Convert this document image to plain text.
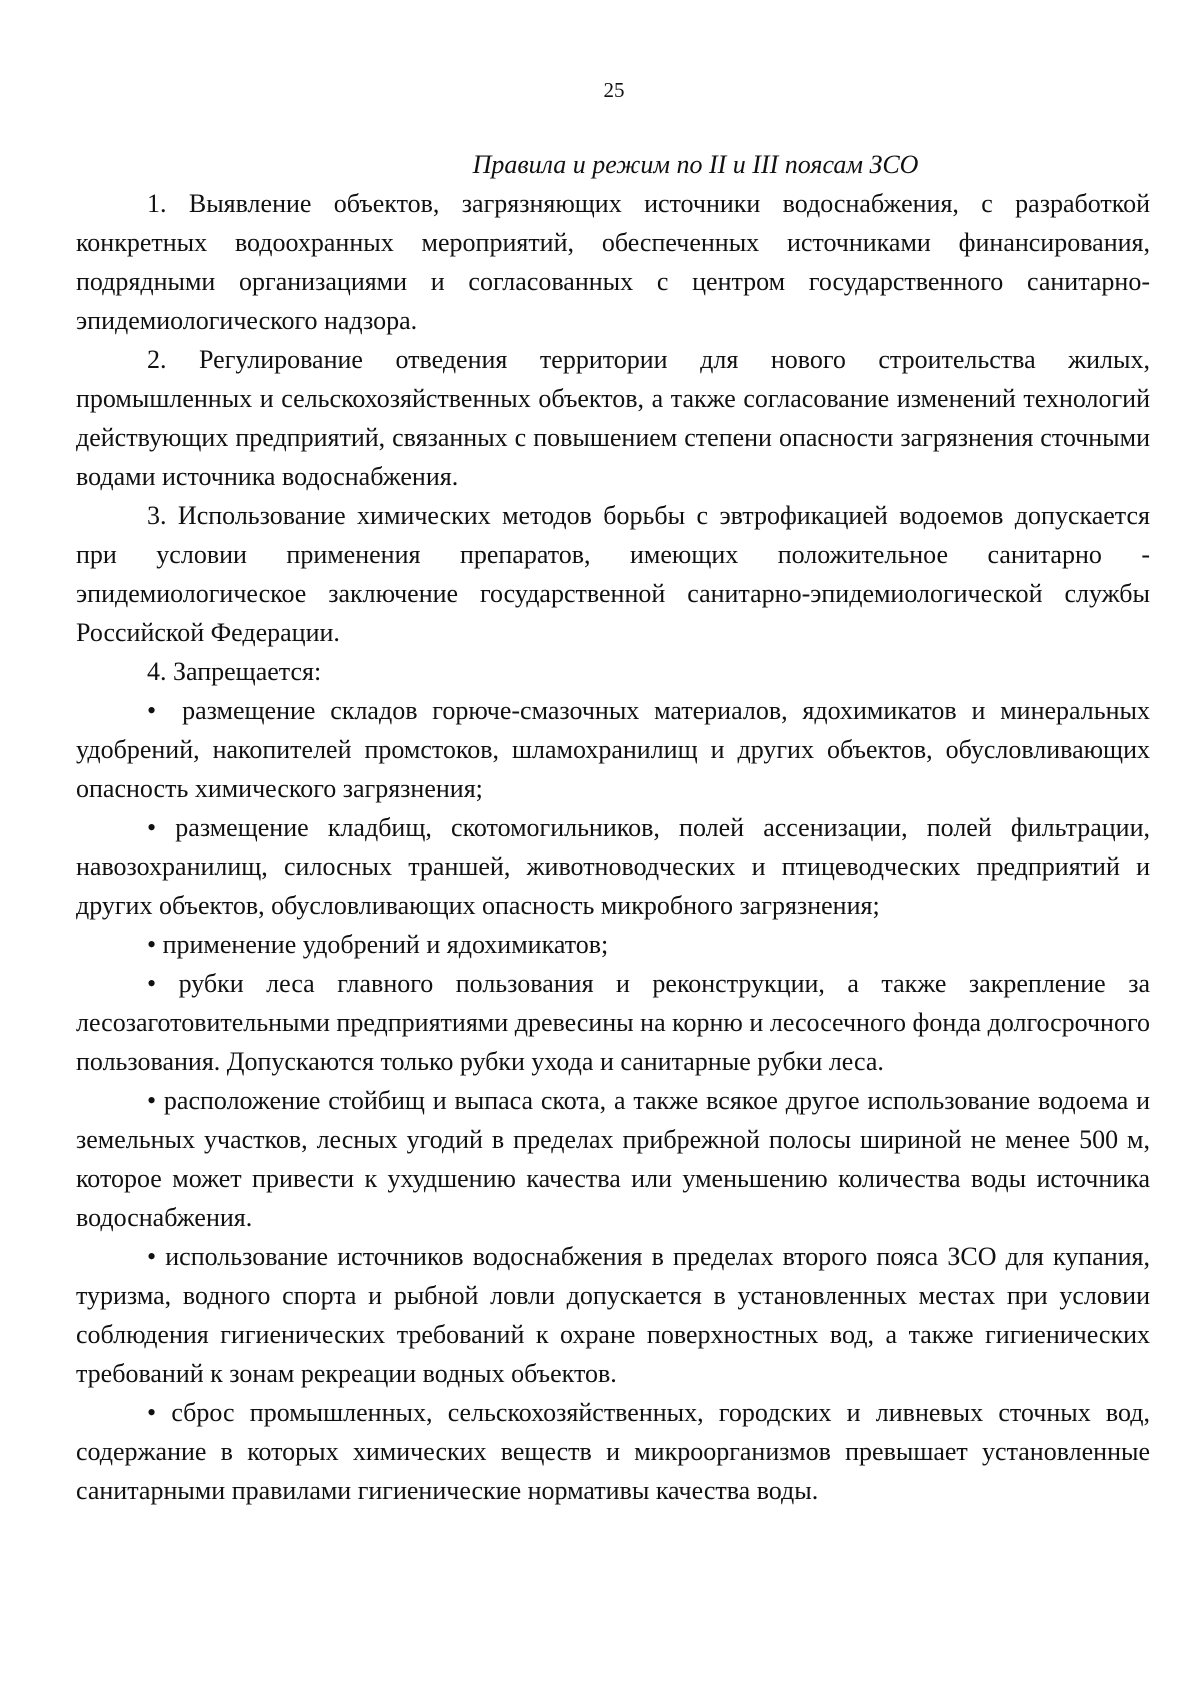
25
Правила и режим по II и III поясам ЗСО

1. Выявление объектов, загрязняющих источники водоснабжения, с разработкой конкретных водоохранных мероприятий, обеспеченных источниками финансирования, подрядными организациями и согласованных с центром государственного санитарно-эпидемиологического надзора.

2. Регулирование отведения территории для нового строительства жилых, промышленных и сельскохозяйственных объектов, а также согласование изменений технологий действующих предприятий, связанных с повышением степени опасности загрязнения сточными водами источника водоснабжения.

3. Использование химических методов борьбы с эвтрофикацией водоемов допускается при условии применения препаратов, имеющих положительное санитарно - эпидемиологическое заключение государственной санитарно-эпидемиологической службы Российской Федерации.

4. Запрещается:

• размещение складов горюче-смазочных материалов, ядохимикатов и минеральных удобрений, накопителей промстоков, шламохранилищ и других объектов, обусловливающих опасность химического загрязнения;

• размещение кладбищ, скотомогильников, полей ассенизации, полей фильтрации, навозохранилищ, силосных траншей, животноводческих и птицеводческих предприятий и других объектов, обусловливающих опасность микробного загрязнения;

• применение удобрений и ядохимикатов;

• рубки леса главного пользования и реконструкции, а также закрепление за лесозаготовительными предприятиями древесины на корню и лесосечного фонда долгосрочного пользования. Допускаются только рубки ухода и санитарные рубки леса.

• расположение стойбищ и выпаса скота, а также всякое другое использование водоема и земельных участков, лесных угодий в пределах прибрежной полосы шириной не менее 500 м, которое может привести к ухудшению качества или уменьшению количества воды источника водоснабжения.

• использование источников водоснабжения в пределах второго пояса ЗСО для купания, туризма, водного спорта и рыбной ловли допускается в установленных местах при условии соблюдения гигиенических требований к охране поверхностных вод, а также гигиенических требований к зонам рекреации водных объектов.

• сброс промышленных, сельскохозяйственных, городских и ливневых сточных вод, содержание в которых химических веществ и микроорганизмов превышает установленные санитарными правилами гигиенические нормативы качества воды.
